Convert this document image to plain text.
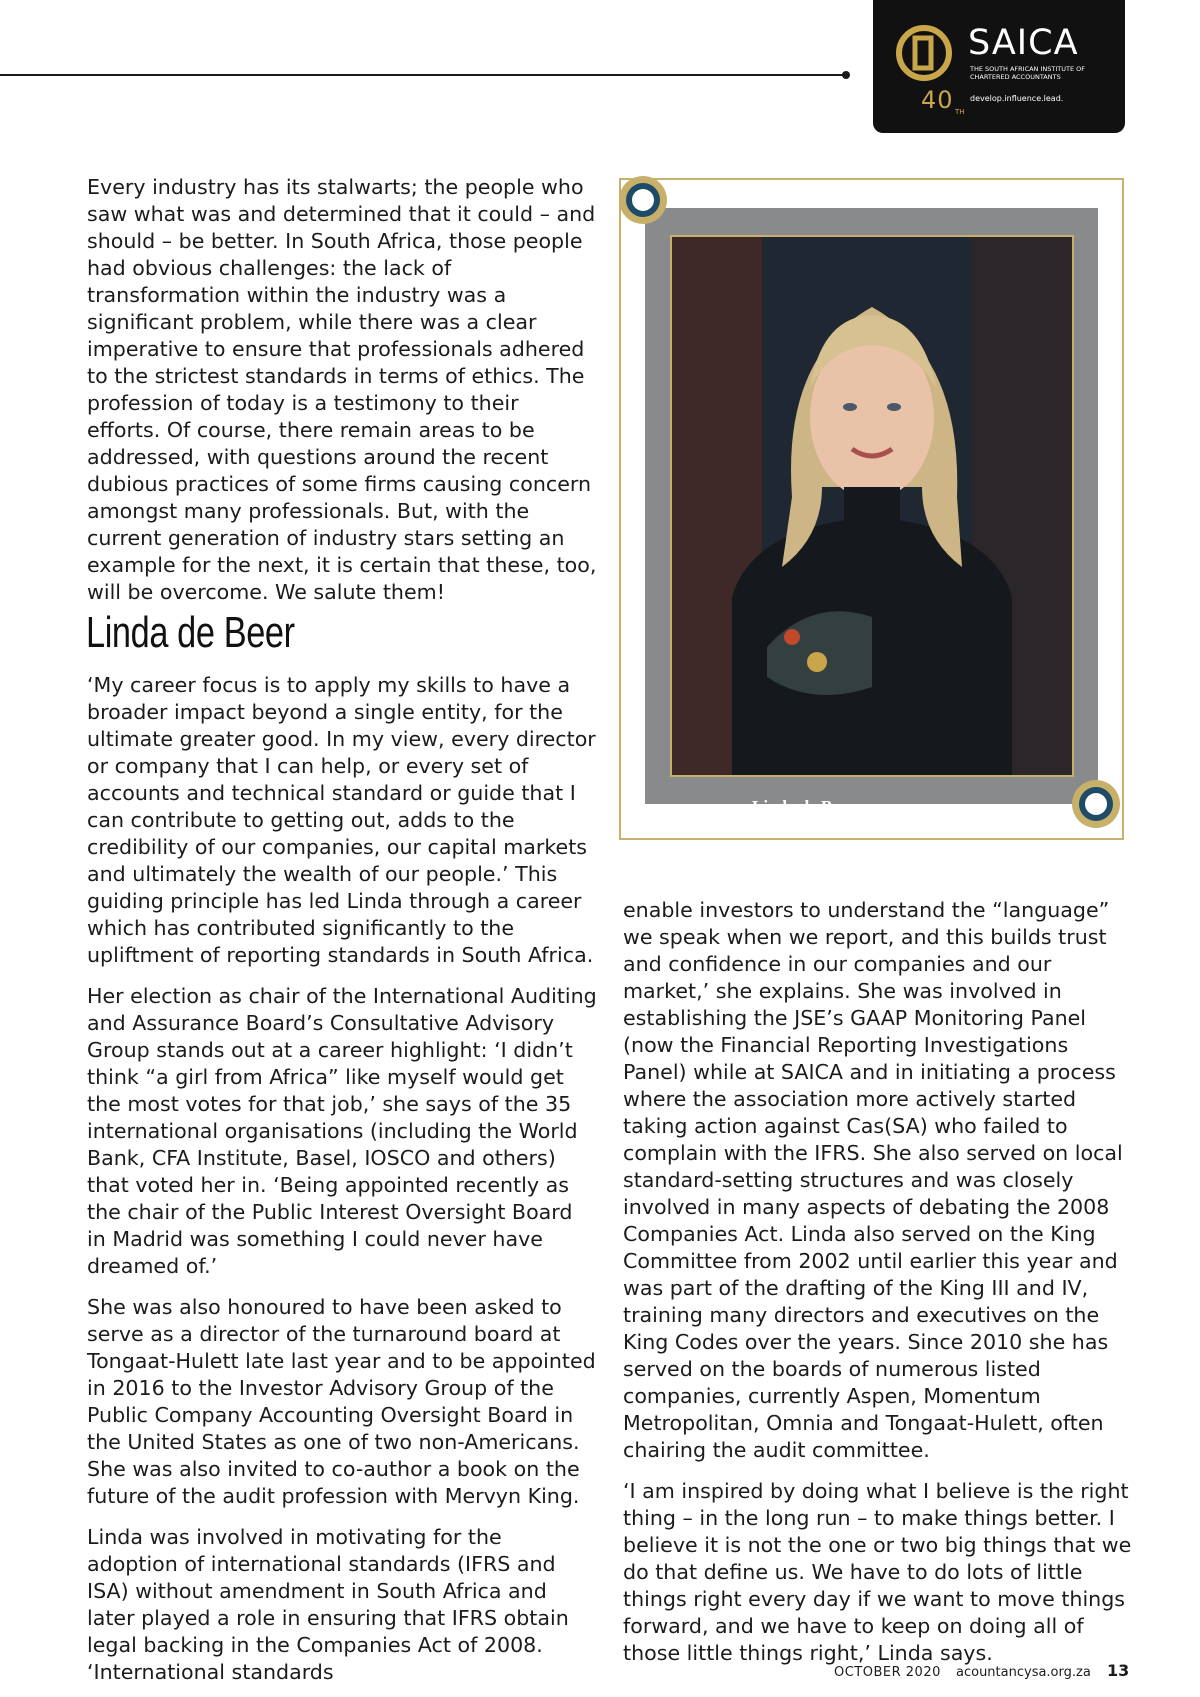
40 TH
SAICA
THE SOUTH AFRICAN INSTITUTE OF CHARTERED ACCOUNTANTS
develop.influence.lead.

Every industry has its stalwarts; the people who saw what was and determined that it could – and should – be better. In South Africa, those people had obvious challenges: the lack of transformation within the industry was a significant problem, while there was a clear imperative to ensure that professionals adhered to the strictest standards in terms of ethics. The profession of today is a testimony to their efforts. Of course, there remain areas to be addressed, with questions around the recent dubious practices of some firms causing concern amongst many professionals. But, with the current generation of industry stars setting an example for the next, it is certain that these, too, will be overcome. We salute them!

Linda de Beer

‘My career focus is to apply my skills to have a broader impact beyond a single entity, for the ultimate greater good. In my view, every director or company that I can help, or every set of accounts and technical standard or guide that I can contribute to getting out, adds to the credibility of our companies, our capital markets and ultimately the wealth of our people.’ This guiding principle has led Linda through a career which has contributed significantly to the upliftment of reporting standards in South Africa.

Her election as chair of the International Auditing and Assurance Board’s Consultative Advisory Group stands out at a career highlight: ‘I didn’t think “a girl from Africa” like myself would get the most votes for that job,’ she says of the 35 international organisations (including the World Bank, CFA Institute, Basel, IOSCO and others) that voted her in. ‘Being appointed recently as the chair of the Public Interest Oversight Board in Madrid was something I could never have dreamed of.’

She was also honoured to have been asked to serve as a director of the turnaround board at Tongaat-Hulett late last year and to be appointed in 2016 to the Investor Advisory Group of the Public Company Accounting Oversight Board in the United States as one of two non-Americans. She was also invited to co-author a book on the future of the audit profession with Mervyn King.

Linda was involved in motivating for the adoption of international standards (IFRS and ISA) without amendment in South Africa and later played a role in ensuring that IFRS obtain legal backing in the Companies Act of 2008. ‘International standards

Linda de Beer

enable investors to understand the “language” we speak when we report, and this builds trust and confidence in our companies and our market,’ she explains. She was involved in establishing the JSE’s GAAP Monitoring Panel (now the Financial Reporting Investigations Panel) while at SAICA and in initiating a process where the association more actively started taking action against Cas(SA) who failed to complain with the IFRS. She also served on local standard-setting structures and was closely involved in many aspects of debating the 2008 Companies Act. Linda also served on the King Committee from 2002 until earlier this year and was part of the drafting of the King III and IV, training many directors and executives on the King Codes over the years. Since 2010 she has served on the boards of numerous listed companies, currently Aspen, Momentum Metropolitan, Omnia and Tongaat-Hulett, often chairing the audit committee.

‘I am inspired by doing what I believe is the right thing – in the long run – to make things better. I believe it is not the one or two big things that we do that define us. We have to do lots of little things right every day if we want to move things forward, and we have to keep on doing all of those little things right,’ Linda says.

OCTOBER 2020 acountancysa.org.za 13
